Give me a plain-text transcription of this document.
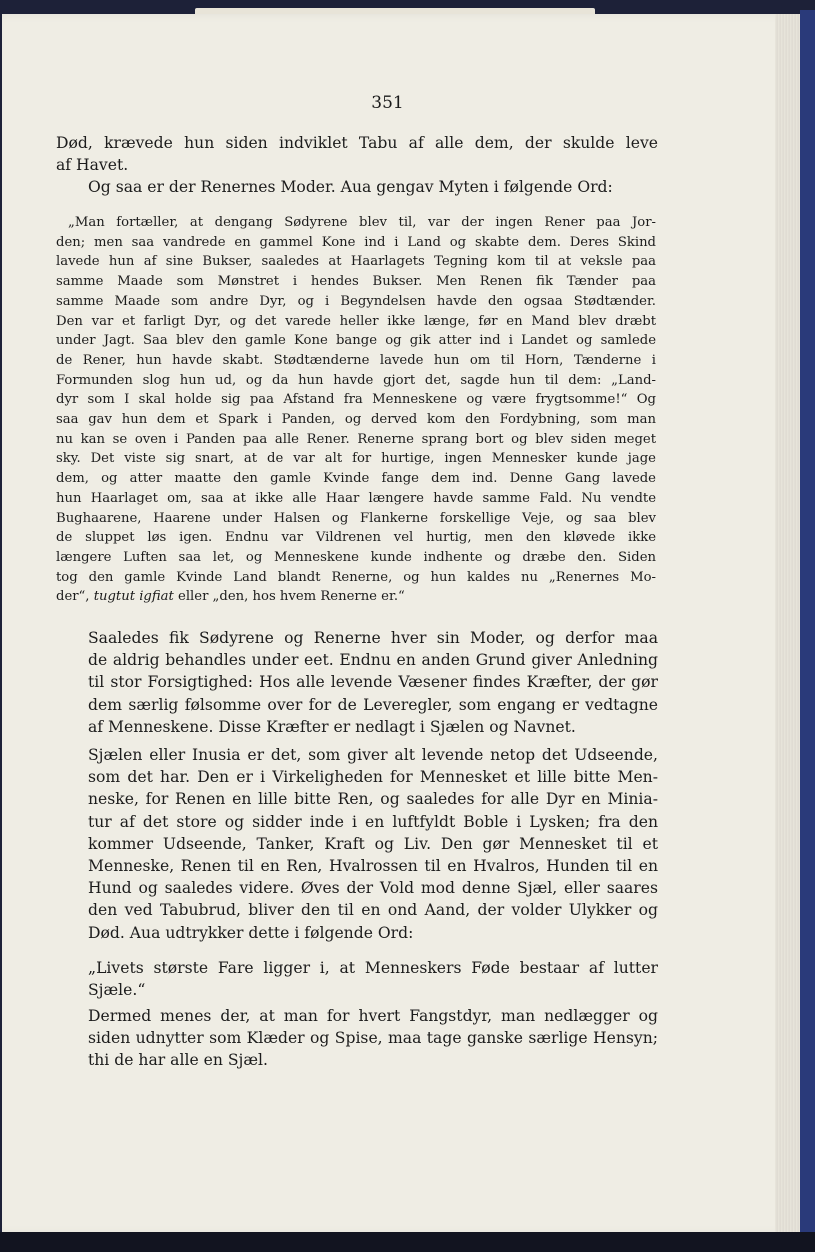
351
Død, krævede hun siden indviklet Tabu af alle dem, der skulde leve
af Havet.
Og saa er der Renernes Moder. Aua gengav Myten i følgende Ord:
„Man fortæller, at dengang Sødyrene blev til, var der ingen Rener paa Jor-
den; men saa vandrede en gammel Kone ind i Land og skabte dem. Deres Skind
lavede hun af sine Bukser, saaledes at Haarlagets Tegning kom til at veksle paa
samme Maade som Mønstret i hendes Bukser. Men Renen fik Tænder paa
samme Maade som andre Dyr, og i Begyndelsen havde den ogsaa Stødtænder.
Den var et farligt Dyr, og det varede heller ikke længe, før en Mand blev dræbt
under Jagt. Saa blev den gamle Kone bange og gik atter ind i Landet og samlede
de Rener, hun havde skabt. Stødtænderne lavede hun om til Horn, Tænderne i
Formunden slog hun ud, og da hun havde gjort det, sagde hun til dem: „Land-
dyr som I skal holde sig paa Afstand fra Menneskene og være frygtsomme!“ Og
saa gav hun dem et Spark i Panden, og derved kom den Fordybning, som man
nu kan se oven i Panden paa alle Rener. Renerne sprang bort og blev siden meget
sky. Det viste sig snart, at de var alt for hurtige, ingen Mennesker kunde jage
dem, og atter maatte den gamle Kvinde fange dem ind. Denne Gang lavede
hun Haarlaget om, saa at ikke alle Haar længere havde samme Fald. Nu vendte
Bughaarene, Haarene under Halsen og Flankerne forskellige Veje, og saa blev
de sluppet løs igen. Endnu var Vildrenen vel hurtig, men den kløvede ikke
længere Luften saa let, og Menneskene kunde indhente og dræbe den. Siden
tog den gamle Kvinde Land blandt Renerne, og hun kaldes nu „Renernes Mo-
der“, tugtut igfiat eller „den, hos hvem Renerne er.“
Saaledes fik Sødyrene og Renerne hver sin Moder, og derfor maa
de aldrig behandles under eet. Endnu en anden Grund giver Anledning
til stor Forsigtighed: Hos alle levende Væsener findes Kræfter, der gør
dem særlig følsomme over for de Leveregler, som engang er vedtagne
af Menneskene. Disse Kræfter er nedlagt i Sjælen og Navnet.
Sjælen eller Inusia er det, som giver alt levende netop det Udseende,
som det har. Den er i Virkeligheden for Mennesket et lille bitte Men-
neske, for Renen en lille bitte Ren, og saaledes for alle Dyr en Minia-
tur af det store og sidder inde i en luftfyldt Boble i Lysken; fra den
kommer Udseende, Tanker, Kraft og Liv. Den gør Mennesket til et
Menneske, Renen til en Ren, Hvalrossen til en Hvalros, Hunden til en
Hund og saaledes videre. Øves der Vold mod denne Sjæl, eller saares
den ved Tabubrud, bliver den til en ond Aand, der volder Ulykker og
Død. Aua udtrykker dette i følgende Ord:
„Livets største Fare ligger i, at Menneskers Føde bestaar af lutter
Sjæle.“
Dermed menes der, at man for hvert Fangstdyr, man nedlægger og
siden udnytter som Klæder og Spise, maa tage ganske særlige Hensyn;
thi de har alle en Sjæl.
